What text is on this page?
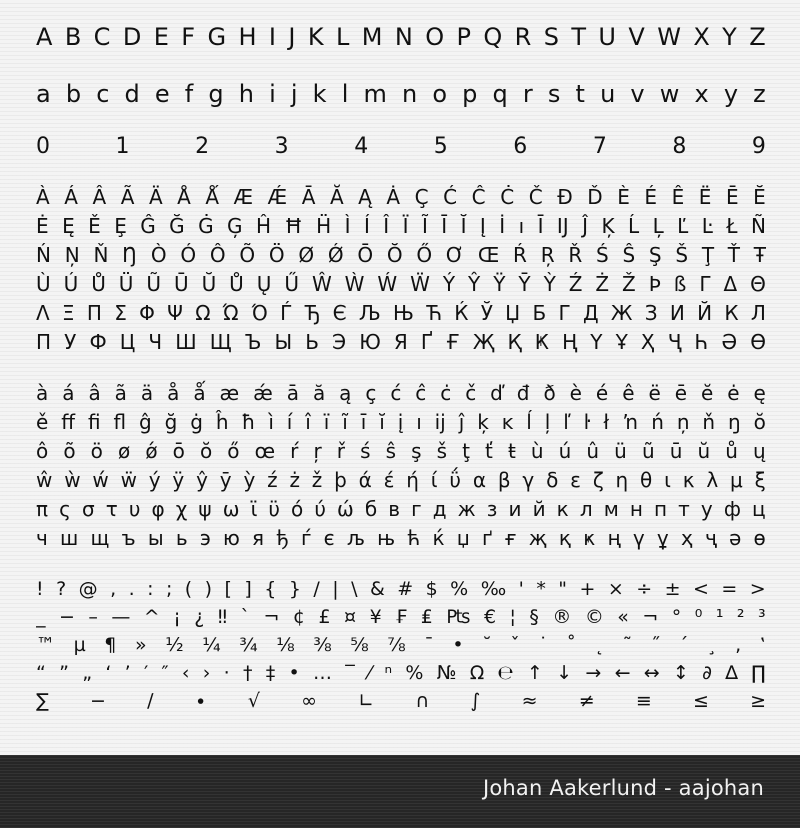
A B C D E F G H I J K L M N O P Q R S T U V W X Y Z
a b c d e f g h i j k l m n o p q r s t u v w x y z
0	1	2	3	4	5	6	7	8	9
À Á Â Ã Ä Å Ǻ Æ Ǽ Ā Ă Ą Ȧ Ç Ć Ĉ Ċ Č Đ Ď È É Ê Ë Ē Ĕ
Ė Ę Ě Ȩ Ĝ Ğ Ġ Ģ Ĥ Ħ Ḧ Ì Í Î Ï Ĩ Ī Ĭ Į İ ı Ī Ĳ Ĵ Ķ Ĺ Ļ Ľ Ŀ Ł Ñ
Ń Ņ Ň Ŋ Ò Ó Ô Õ Ö Ø Ǿ Ō Ŏ Ő Ơ Œ Ŕ Ŗ Ř Ś Ŝ Ş Š Ţ Ť Ŧ
Ù Ú Ů Ü Ũ Ū Ŭ Ů Ų Ű Ŵ Ẁ Ẃ Ẅ Ý Ŷ Ÿ Ȳ Ỳ Ź Ż Ž Þ ß Γ Δ Θ
Λ Ξ Π Σ Φ Ψ Ω Ώ Ό Ѓ Ђ Є Љ Њ Ћ Ќ Ў Џ Б Г Д Ж З И Й К Л
П У Ф Ц Ч Ш Щ Ъ Ы Ь Э Ю Я Ґ Ғ Җ Қ Ҝ Ң Ү Ұ Ҳ Ҷ Һ Ә Ө
à á â ã ä å ǻ æ ǽ ā ă ą ç ć ĉ ċ č ď đ ð è é ê ë ē ĕ ė ę
ě ﬀ ﬁ ﬂ ĝ ğ ġ ĥ ħ ì í î ï ĩ ī ĭ į ı ĳ ĵ ķ ĸ ĺ ļ ľ ŀ ł ŉ ń ņ ň ŋ ŏ
ô õ ö ø ǿ ō ŏ ő œ ŕ ŗ ř ś ŝ ş š ţ ť ŧ ù ú û ü ũ ū ŭ ů ų
ŵ ẁ ẃ ẅ ý ÿ ŷ ȳ ỳ ź ż ž þ ά έ ή ί ΰ α β γ δ ε ζ η θ ι κ λ μ ξ
π ς σ τ υ φ χ ψ ω ϊ ϋ ό ύ ώ б в г д ж з и й к л м н п т у ф ц
ч ш щ ъ ы ь э ю я ђ ѓ є љ њ ћ ќ џ ґ ғ җ қ ҝ ң ү ұ ҳ ҷ ә ө
! ? @ , . : ; ( ) [ ] { } / | \ & # $ % ‰ ' * " + × ÷ ± < = >
_ − – — ^ ¡ ¿ ‼ ` ¬ ¢ £ ¤ ¥ ₣ ₤ ₧ € ¦ § ® © « ¬ ° ⁰ ¹ ² ³
™ µ ¶ » ½ ¼ ¾ ⅛ ⅜ ⅝ ⅞ ¯ • ˘ ˇ ˙ ˚ ˛ ˜ ˝ ´ ¸ ‚ ‛
“ ” „ ‘ ’ ′ ″ ‹ › · † ‡ • … ‾ ⁄ ⁿ % № Ω ℮ ↑ ↓ → ← ↔ ↕ ∂ ∆ ∏
∑ − ∕ ∙ √ ∞ ∟ ∩ ∫ ≈ ≠ ≡ ≤ ≥
Johan Aakerlund - aajohan
